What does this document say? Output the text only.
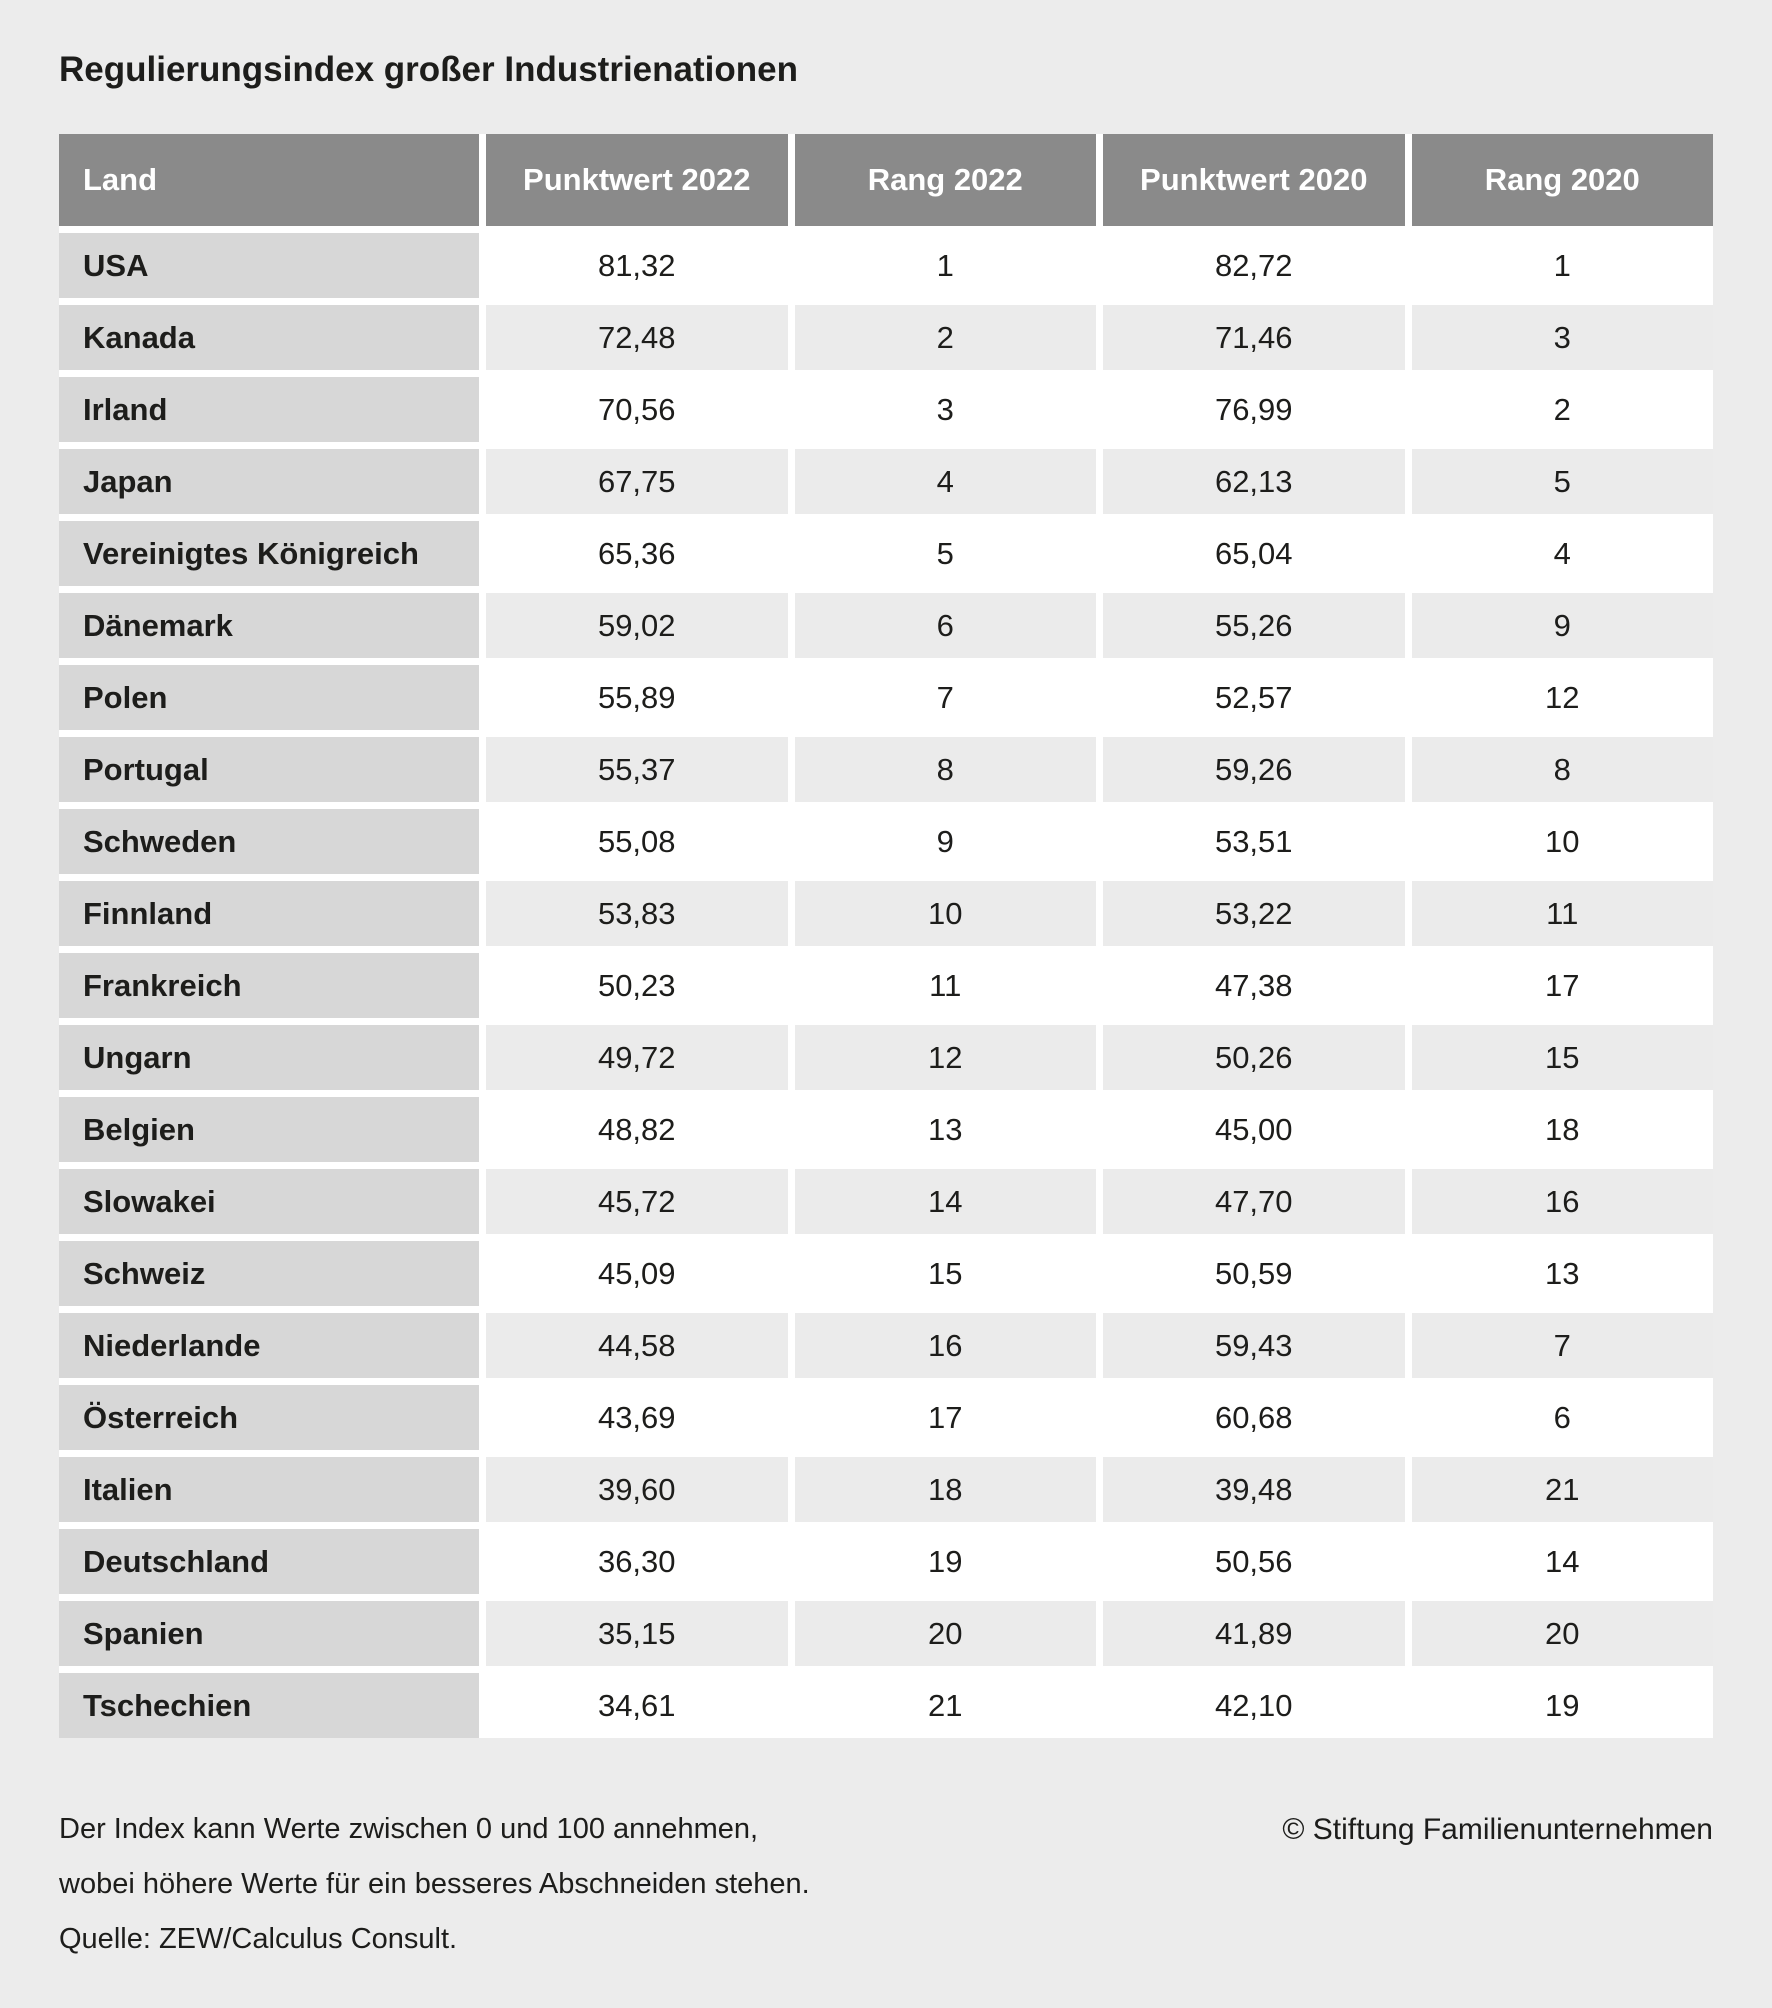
Regulierungsindex großer Industrienationen
Land	Punktwert 2022	Rang 2022	Punktwert 2020	Rang 2020
USA	81,32	1	82,72	1
Kanada	72,48	2	71,46	3
Irland	70,56	3	76,99	2
Japan	67,75	4	62,13	5
Vereinigtes Königreich	65,36	5	65,04	4
Dänemark	59,02	6	55,26	9
Polen	55,89	7	52,57	12
Portugal	55,37	8	59,26	8
Schweden	55,08	9	53,51	10
Finnland	53,83	10	53,22	11
Frankreich	50,23	11	47,38	17
Ungarn	49,72	12	50,26	15
Belgien	48,82	13	45,00	18
Slowakei	45,72	14	47,70	16
Schweiz	45,09	15	50,59	13
Niederlande	44,58	16	59,43	7
Österreich	43,69	17	60,68	6
Italien	39,60	18	39,48	21
Deutschland	36,30	19	50,56	14
Spanien	35,15	20	41,89	20
Tschechien	34,61	21	42,10	19
Der Index kann Werte zwischen 0 und 100 annehmen,
wobei höhere Werte für ein besseres Abschneiden stehen.
Quelle: ZEW/Calculus Consult.
© Stiftung Familienunternehmen
